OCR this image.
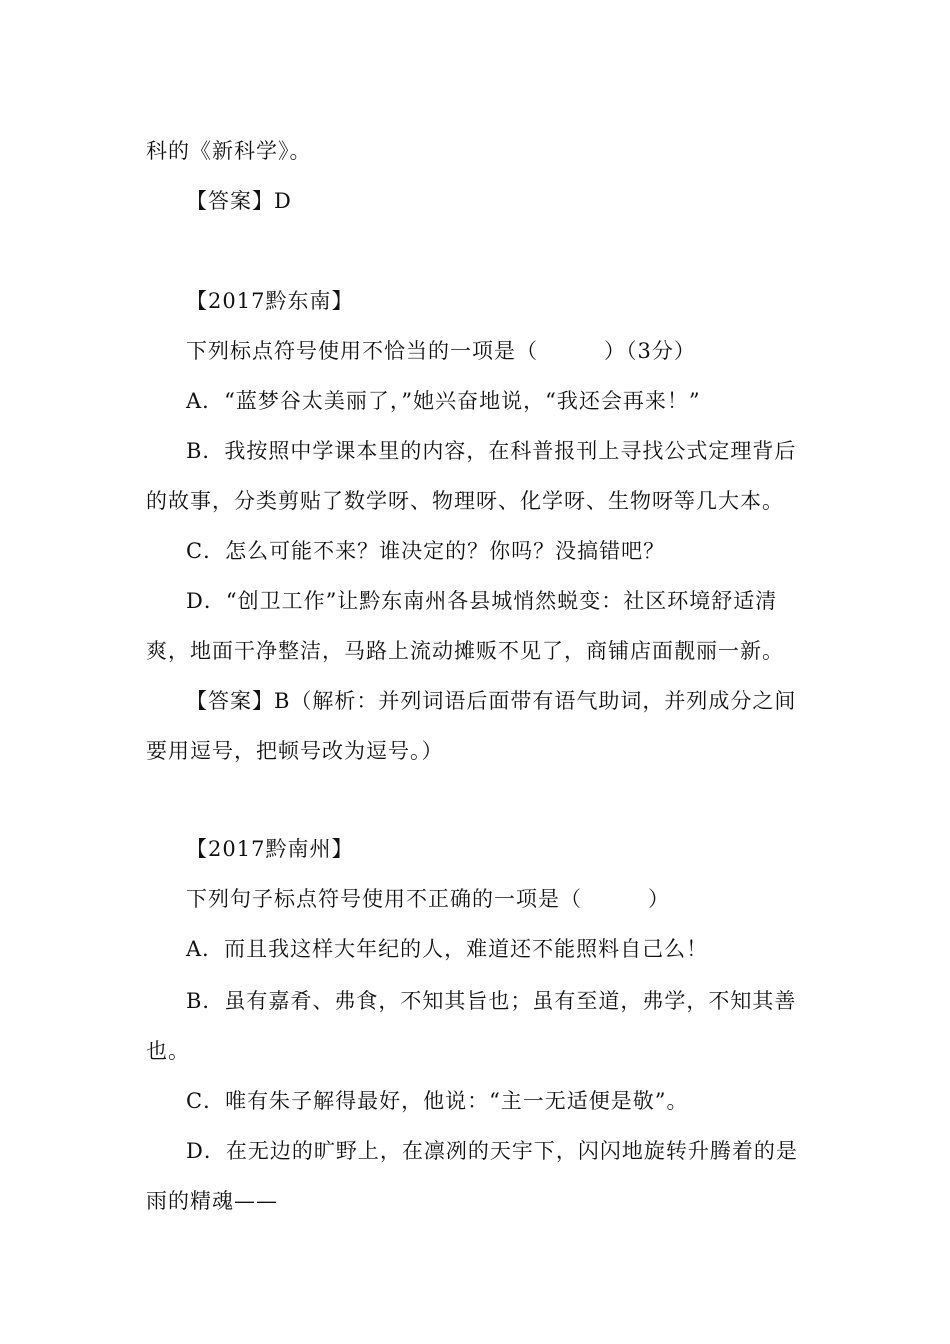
科的《新科学》。
【答案】D
【2017黔东南】
下列标点符号使用不恰当的一项是（　　　）（3分）
A．“蓝梦谷太美丽了，”她兴奋地说，“我还会再来！”
B．我按照中学课本里的内容，在科普报刊上寻找公式定理背后
的故事，分类剪贴了数学呀、物理呀、化学呀、生物呀等几大本。
C．怎么可能不来？谁决定的？你吗？没搞错吧？
D．“创卫工作”让黔东南州各县城悄然蜕变：社区环境舒适清
爽，地面干净整洁，马路上流动摊贩不见了，商铺店面靓丽一新。
【答案】B（解析：并列词语后面带有语气助词，并列成分之间
要用逗号，把顿号改为逗号。）
【2017黔南州】
下列句子标点符号使用不正确的一项是（　　　）
A．而且我这样大年纪的人，难道还不能照料自己么！
B．虽有嘉肴、弗食，不知其旨也；虽有至道，弗学，不知其善
也。
C．唯有朱子解得最好，他说：“主一无适便是敬”。
D．在无边的旷野上，在凛冽的天宇下，闪闪地旋转升腾着的是
雨的精魂——
